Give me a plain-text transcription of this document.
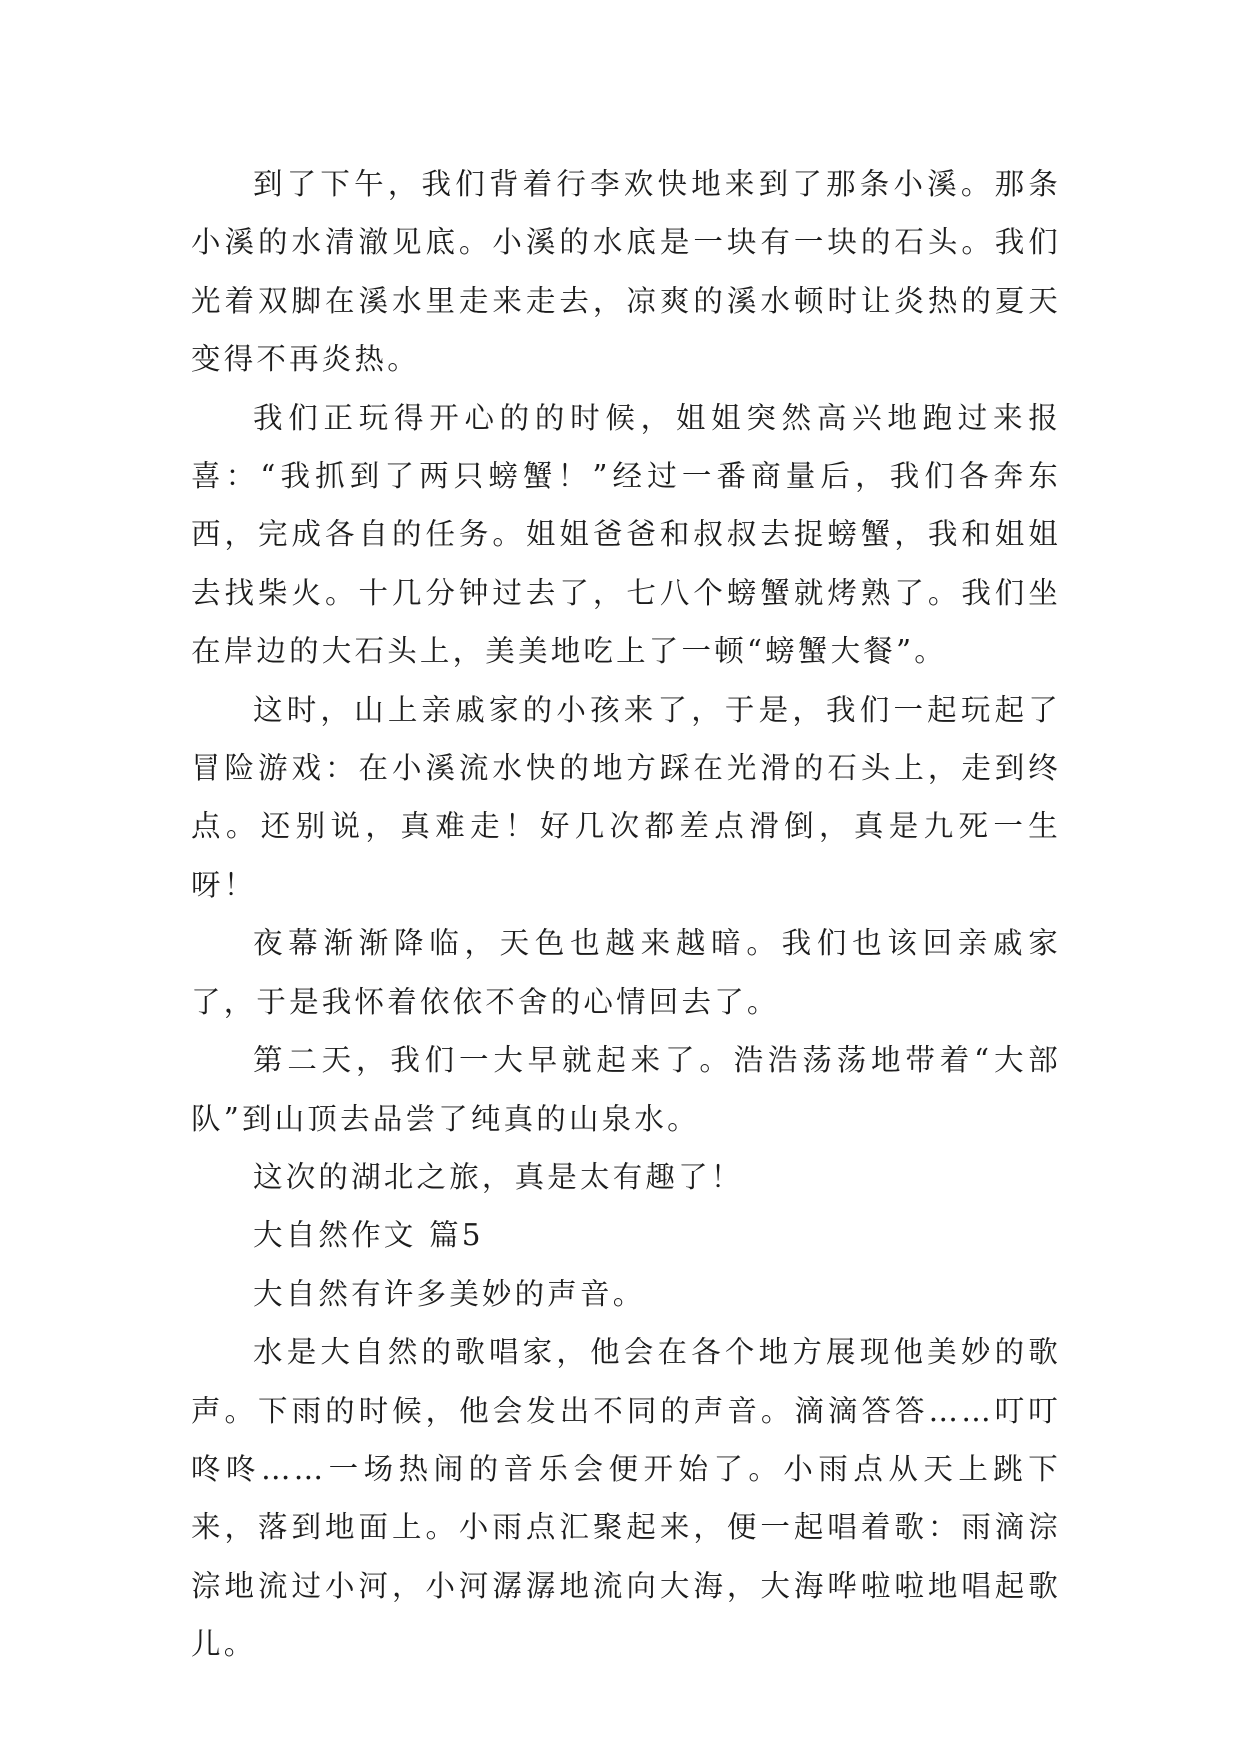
到了下午，我们背着行李欢快地来到了那条小溪。那条小溪的水清澈见底。小溪的水底是一块有一块的石头。我们光着双脚在溪水里走来走去，凉爽的溪水顿时让炎热的夏天变得不再炎热。

我们正玩得开心的的时候，姐姐突然高兴地跑过来报喜：“我抓到了两只螃蟹！”经过一番商量后，我们各奔东西，完成各自的任务。姐姐爸爸和叔叔去捉螃蟹，我和姐姐去找柴火。十几分钟过去了，七八个螃蟹就烤熟了。我们坐在岸边的大石头上，美美地吃上了一顿“螃蟹大餐”。

这时，山上亲戚家的小孩来了，于是，我们一起玩起了冒险游戏：在小溪流水快的地方踩在光滑的石头上，走到终点。还别说，真难走！好几次都差点滑倒，真是九死一生呀！

夜幕渐渐降临，天色也越来越暗。我们也该回亲戚家了，于是我怀着依依不舍的心情回去了。

第二天，我们一大早就起来了。浩浩荡荡地带着“大部队”到山顶去品尝了纯真的山泉水。

这次的湖北之旅，真是太有趣了！

大自然作文 篇5

大自然有许多美妙的声音。

水是大自然的歌唱家，他会在各个地方展现他美妙的歌声。下雨的时候，他会发出不同的声音。滴滴答答……叮叮咚咚……一场热闹的音乐会便开始了。小雨点从天上跳下来，落到地面上。小雨点汇聚起来，便一起唱着歌：雨滴淙淙地流过小河，小河潺潺地流向大海，大海哗啦啦地唱起歌儿。
